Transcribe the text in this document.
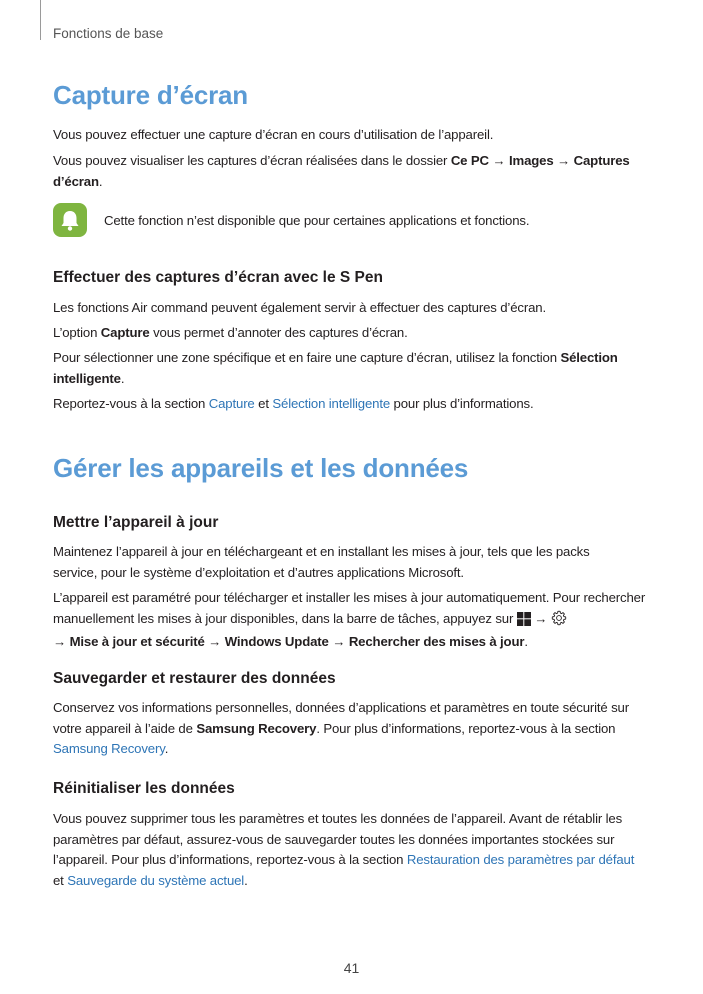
Fonctions de base
Capture d’écran

Vous pouvez effectuer une capture d’écran en cours d’utilisation de l’appareil.

Vous pouvez visualiser les captures d’écran réalisées dans le dossier Ce PC → Images → Captures d’écran.

Cette fonction n’est disponible que pour certaines applications et fonctions.
Effectuer des captures d’écran avec le S Pen

Les fonctions Air command peuvent également servir à effectuer des captures d’écran.

L’option Capture vous permet d’annoter des captures d’écran.

Pour sélectionner une zone spécifique et en faire une capture d’écran, utilisez la fonction Sélection intelligente.

Reportez-vous à la section Capture et Sélection intelligente pour plus d’informations.

Gérer les appareils et les données
Mettre l’appareil à jour

Maintenez l’appareil à jour en téléchargeant et en installant les mises à jour, tels que les packs service, pour le système d’exploitation et d’autres applications Microsoft.

L’appareil est paramétré pour télécharger et installer les mises à jour automatiquement. Pour rechercher manuellement les mises à jour disponibles, dans la barre de tâches, appuyez sur  →
→ Mise à jour et sécurité → Windows Update → Rechercher des mises à jour.

Sauvegarder et restaurer des données

Conservez vos informations personnelles, données d’applications et paramètres en toute sécurité sur votre appareil à l’aide de Samsung Recovery. Pour plus d’informations, reportez-vous à la section Samsung Recovery.

Réinitialiser les données

Vous pouvez supprimer tous les paramètres et toutes les données de l’appareil. Avant de rétablir les paramètres par défaut, assurez-vous de sauvegarder toutes les données importantes stockées sur l’appareil. Pour plus d’informations, reportez-vous à la section Restauration des paramètres par défaut et Sauvegarde du système actuel.

41
